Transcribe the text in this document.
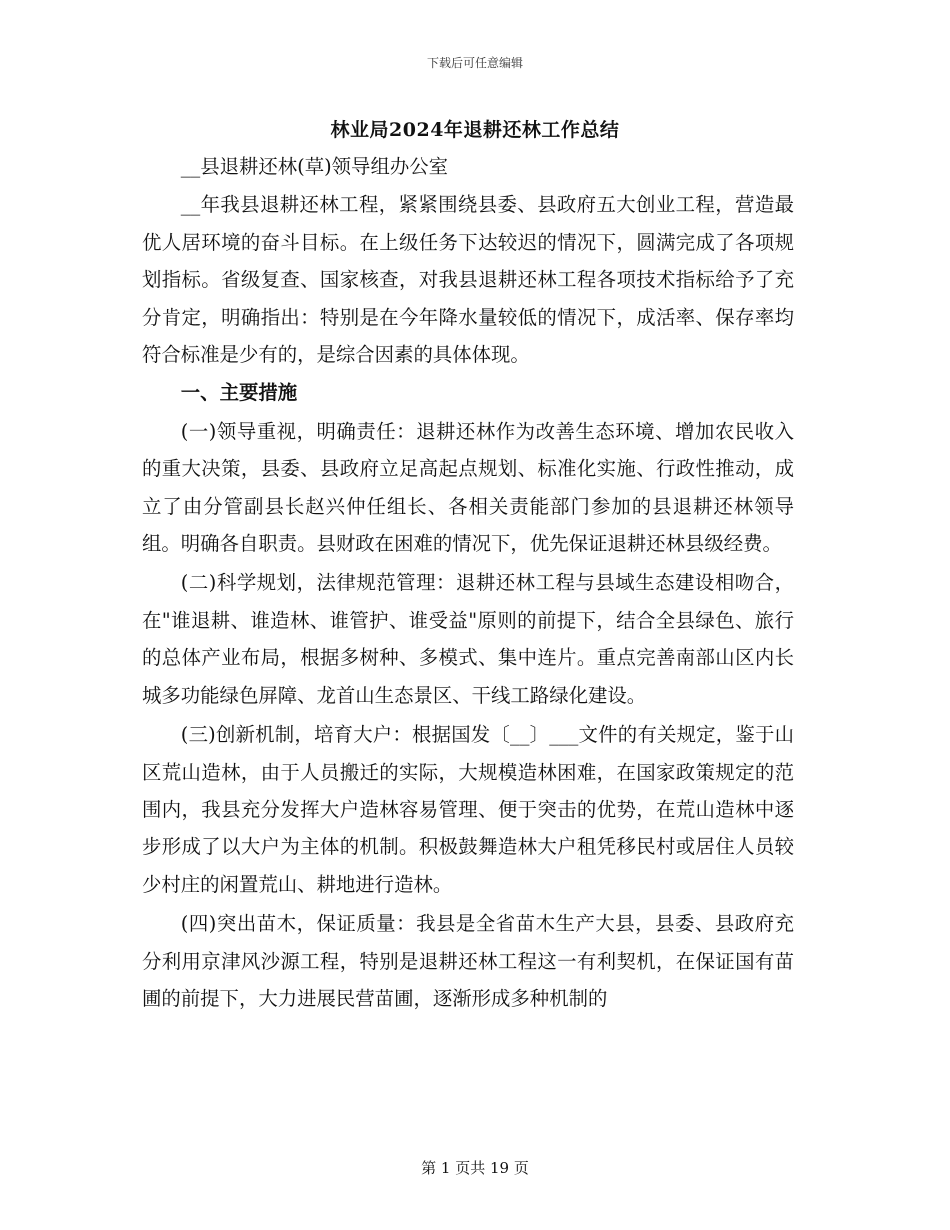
下载后可任意编辑
林业局2024年退耕还林工作总结

__县退耕还林(草)领导组办公室

__年我县退耕还林工程，紧紧围绕县委、县政府五大创业工程，营造最优人居环境的奋斗目标。在上级任务下达较迟的情况下，圆满完成了各项规划指标。省级复查、国家核查，对我县退耕还林工程各项技术指标给予了充分肯定，明确指出：特别是在今年降水量较低的情况下，成活率、保存率均符合标准是少有的，是综合因素的具体体现。

一、主要措施

(一)领导重视，明确责任：退耕还林作为改善生态环境、增加农民收入的重大决策，县委、县政府立足高起点规划、标准化实施、行政性推动，成立了由分管副县长赵兴仲任组长、各相关责能部门参加的县退耕还林领导组。明确各自职责。县财政在困难的情况下，优先保证退耕还林县级经费。

(二)科学规划，法律规范管理：退耕还林工程与县域生态建设相吻合，在"谁退耕、谁造林、谁管护、谁受益"原则的前提下，结合全县绿色、旅行的总体产业布局，根据多树种、多模式、集中连片。重点完善南部山区内长城多功能绿色屏障、龙首山生态景区、干线工路绿化建设。

(三)创新机制，培育大户：根据国发〔__〕___文件的有关规定，鉴于山区荒山造林，由于人员搬迁的实际，大规模造林困难，在国家政策规定的范围内，我县充分发挥大户造林容易管理、便于突击的优势，在荒山造林中逐步形成了以大户为主体的机制。积极鼓舞造林大户租凭移民村或居住人员较少村庄的闲置荒山、耕地进行造林。

(四)突出苗木，保证质量：我县是全省苗木生产大县，县委、县政府充分利用京津风沙源工程，特别是退耕还林工程这一有利契机，在保证国有苗圃的前提下，大力进展民营苗圃，逐渐形成多种机制的

第 1 页共 19 页
